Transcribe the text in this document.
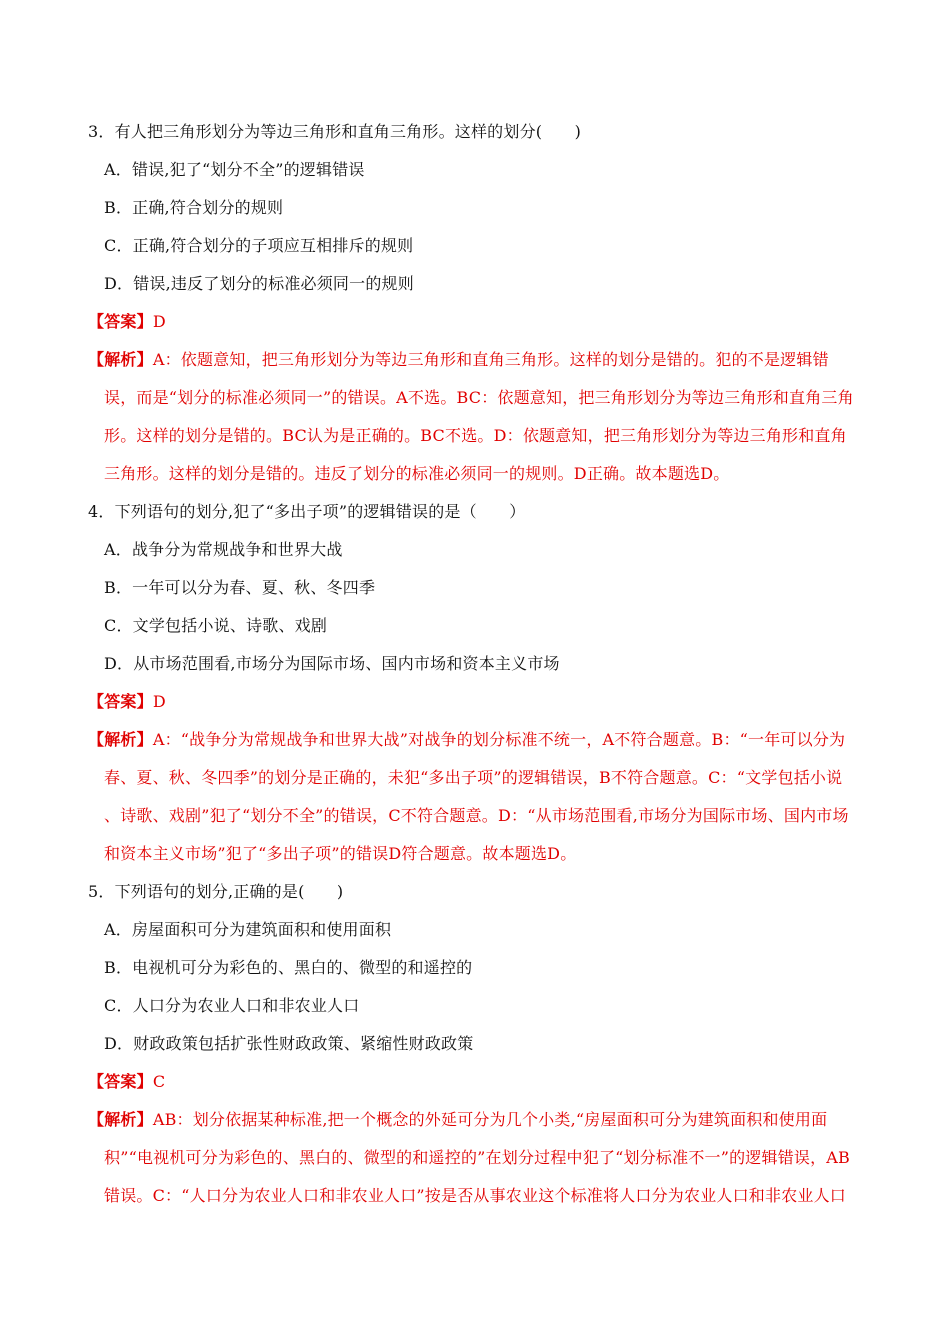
3．有人把三角形划分为等边三角形和直角三角形。这样的划分(　　)
A．错误,犯了“划分不全”的逻辑错误
B．正确,符合划分的规则
C．正确,符合划分的子项应互相排斥的规则
D．错误,违反了划分的标准必须同一的规则
【答案】D
【解析】A：依题意知，把三角形划分为等边三角形和直角三角形。这样的划分是错的。犯的不是逻辑错
误，而是“划分的标准必须同一”的错误。A不选。BC：依题意知，把三角形划分为等边三角形和直角三角
形。这样的划分是错的。BC认为是正确的。BC不选。D：依题意知，把三角形划分为等边三角形和直角
三角形。这样的划分是错的。违反了划分的标准必须同一的规则。D正确。故本题选D。
4．下列语句的划分,犯了“多出子项”的逻辑错误的是（　　）
A．战争分为常规战争和世界大战
B．一年可以分为春、夏、秋、冬四季
C．文学包括小说、诗歌、戏剧
D．从市场范围看,市场分为国际市场、国内市场和资本主义市场
【答案】D
【解析】A：“战争分为常规战争和世界大战”对战争的划分标准不统一，A不符合题意。B：“一年可以分为
春、夏、秋、冬四季”的划分是正确的，未犯“多出子项”的逻辑错误，B不符合题意。C：“文学包括小说
、诗歌、戏剧”犯了“划分不全”的错误，C不符合题意。D：“从市场范围看,市场分为国际市场、国内市场
和资本主义市场”犯了“多出子项”的错误D符合题意。故本题选D。
5．下列语句的划分,正确的是(　　)
A．房屋面积可分为建筑面积和使用面积
B．电视机可分为彩色的、黑白的、微型的和遥控的
C．人口分为农业人口和非农业人口
D．财政政策包括扩张性财政政策、紧缩性财政政策
【答案】C
【解析】AB：划分依据某种标准,把一个概念的外延可分为几个小类,“房屋面积可分为建筑面积和使用面
积”“电视机可分为彩色的、黑白的、微型的和遥控的”在划分过程中犯了“划分标准不一”的逻辑错误，AB
错误。C：“人口分为农业人口和非农业人口”按是否从事农业这个标准将人口分为农业人口和非农业人口
